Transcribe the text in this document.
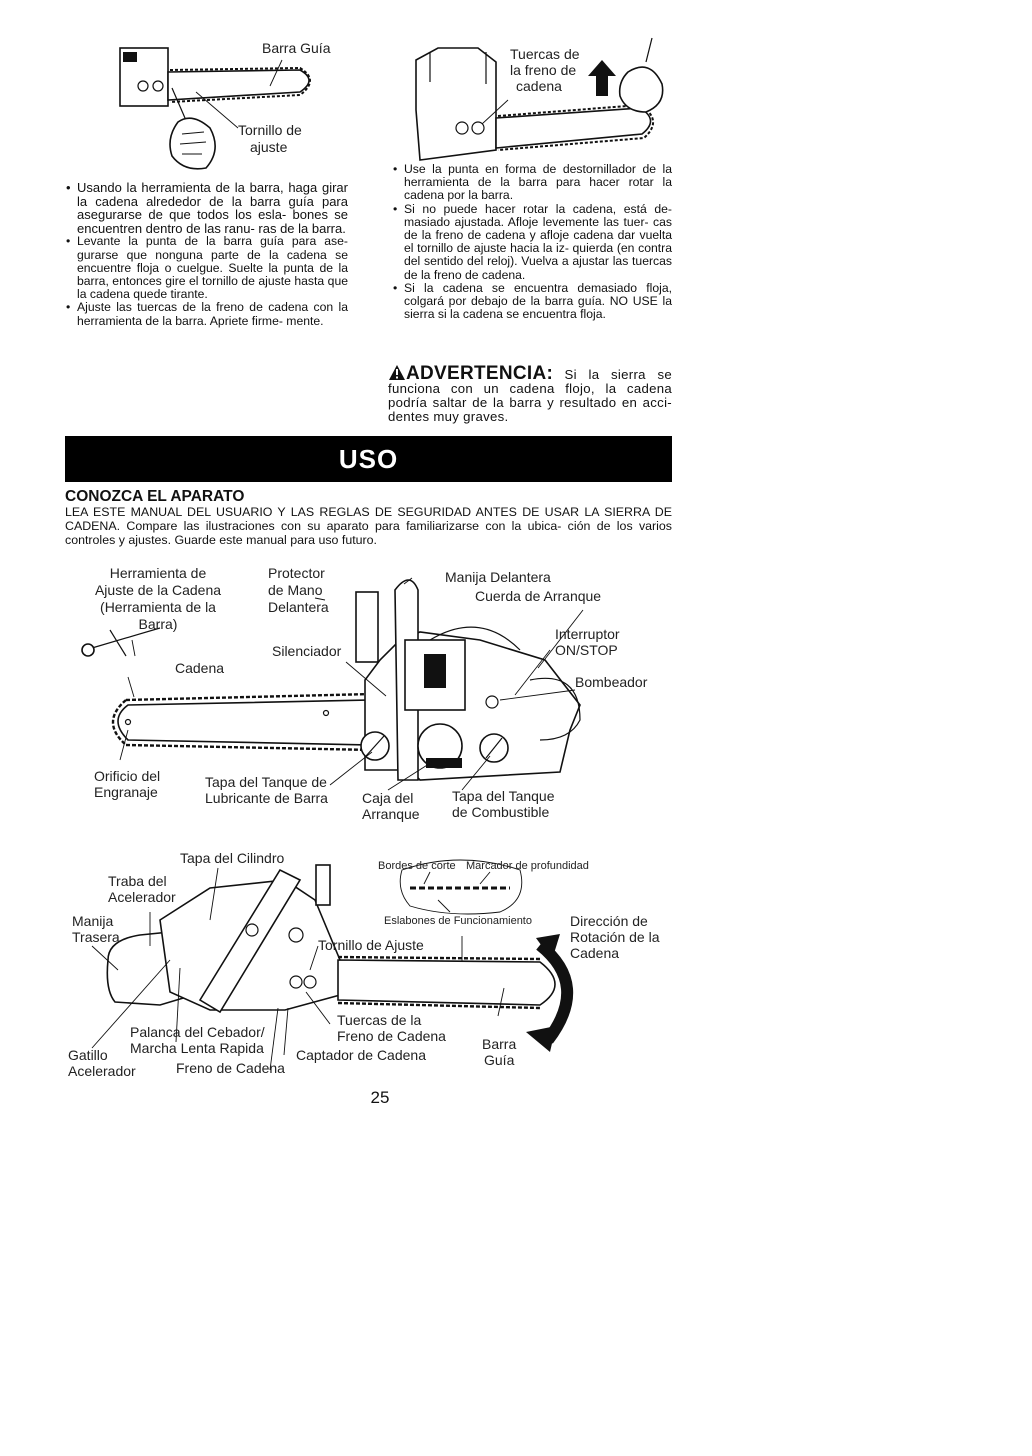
Barra Guía
Tornillo de
ajuste
Tuercas de
la freno de
cadena
• Usando la herramienta de la barra, haga girar la cadena alrededor de la barra guía para asegurarse de que todos los esla- bones se encuentren dentro de las ranu- ras de la barra.
• Levante la punta de la barra guía para ase- gurarse que nonguna parte de la cadena se encuentre floja o cuelgue. Suelte la punta de la barra, entonces gire el tornillo de ajuste hasta que la cadena quede tirante.
• Ajuste las tuercas de la freno de cadena con la herramienta de la barra. Apriete firme- mente.
• Use la punta en forma de destornillador de la herramienta de la barra para hacer rotar la cadena por la barra.
• Si no puede hacer rotar la cadena, está de- masiado ajustada. Afloje levemente las tuer- cas de la freno de cadena y afloje cadena dar vuelta el tornillo de ajuste hacia la iz- quierda (en contra del sentido del reloj). Vuelva a ajustar las tuercas de la freno de cadena.
• Si la cadena se encuentra demasiado floja, colgará por debajo de la barra guía. NO USE la sierra si la cadena se encuentra floja.
ADVERTENCIA: Si la sierra se funciona con un cadena flojo, la cadena podría saltar de la barra y resultado en acci- dentes muy graves.
USO
CONOZCA EL APARATO
LEA ESTE MANUAL DEL USUARIO Y LAS REGLAS DE SEGURIDAD ANTES DE USAR LA SIERRA DE CADENA. Compare las ilustraciones con su aparato para familiarizarse con la ubica- ción de los varios controles y ajustes. Guarde este manual para uso futuro.
Herramienta de
Ajuste de la Cadena
(Herramienta de la
Barra)
Protector
de Mano
Delantera
Manija Delantera
Cuerda de Arranque
Interruptor
ON/STOP
Silenciador
Cadena
Bombeador
Orificio del
Engranaje
Tapa del Tanque de
Lubricante de Barra Caja del
Arranque
Tapa del Tanque
de Combustible
Tapa del Cilindro
Traba del
Acelerador
Manija
Trasera	Tornillo de Ajuste
Palanca del Cebador/
Marcha Lenta Rapida
Gatillo
Acelerador	Freno de Cadena
Tuercas de la
Freno de Cadena
Captador de Cadena
Barra
Guía
Bordes de corte Marcador de profundidad
Eslabones de Funcionamiento	Dirección de
Rotación de la
Cadena
25
